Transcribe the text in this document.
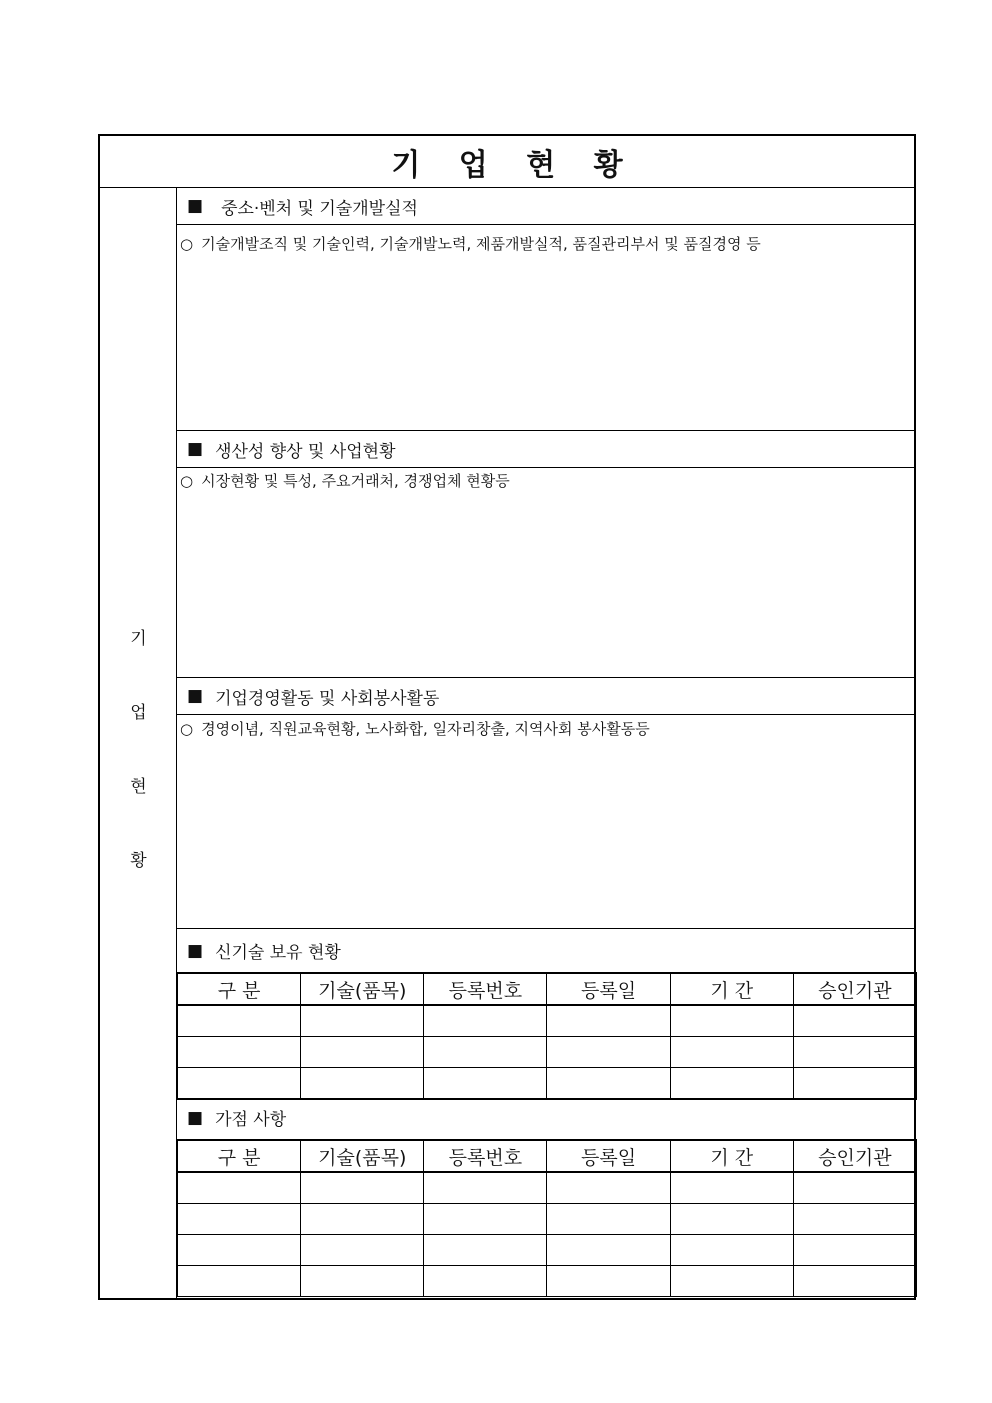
기 업 현 황
기
업
현
황
■ 중소·벤처 및 기술개발실적
○ 기술개발조직 및 기술인력, 기술개발노력, 제품개발실적, 품질관리부서 및 품질경영 등
■ 생산성 향상 및 사업현황
○ 시장현황 및 특성, 주요거래처, 경쟁업체 현황등
■ 기업경영활동 및 사회봉사활동
○ 경영이념, 직원교육현황, 노사화합, 일자리창출, 지역사회 봉사활동등
■ 신기술 보유 현황
구 분	기술(품목)	등록번호	등록일	기 간	승인기관

■ 가점 사항
구 분	기술(품목)	등록번호	등록일	기 간	승인기관
